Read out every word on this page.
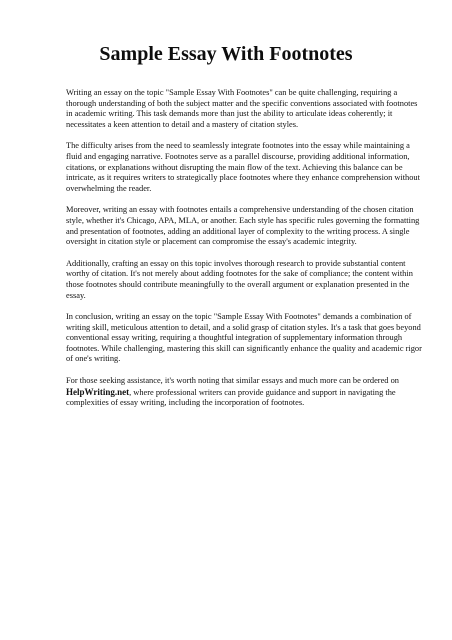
Sample Essay With Footnotes

Writing an essay on the topic "Sample Essay With Footnotes" can be quite challenging, requiring a thorough understanding of both the subject matter and the specific conventions associated with footnotes in academic writing. This task demands more than just the ability to articulate ideas coherently; it necessitates a keen attention to detail and a mastery of citation styles.

The difficulty arises from the need to seamlessly integrate footnotes into the essay while maintaining a fluid and engaging narrative. Footnotes serve as a parallel discourse, providing additional information, citations, or explanations without disrupting the main flow of the text. Achieving this balance can be intricate, as it requires writers to strategically place footnotes where they enhance comprehension without overwhelming the reader.

Moreover, writing an essay with footnotes entails a comprehensive understanding of the chosen citation style, whether it's Chicago, APA, MLA, or another. Each style has specific rules governing the formatting and presentation of footnotes, adding an additional layer of complexity to the writing process. A single oversight in citation style or placement can compromise the essay's academic integrity.

Additionally, crafting an essay on this topic involves thorough research to provide substantial content worthy of citation. It's not merely about adding footnotes for the sake of compliance; the content within those footnotes should contribute meaningfully to the overall argument or explanation presented in the essay.

In conclusion, writing an essay on the topic "Sample Essay With Footnotes" demands a combination of writing skill, meticulous attention to detail, and a solid grasp of citation styles. It's a task that goes beyond conventional essay writing, requiring a thoughtful integration of supplementary information through footnotes. While challenging, mastering this skill can significantly enhance the quality and academic rigor of one's writing.

For those seeking assistance, it's worth noting that similar essays and much more can be ordered on HelpWriting.net, where professional writers can provide guidance and support in navigating the complexities of essay writing, including the incorporation of footnotes.
